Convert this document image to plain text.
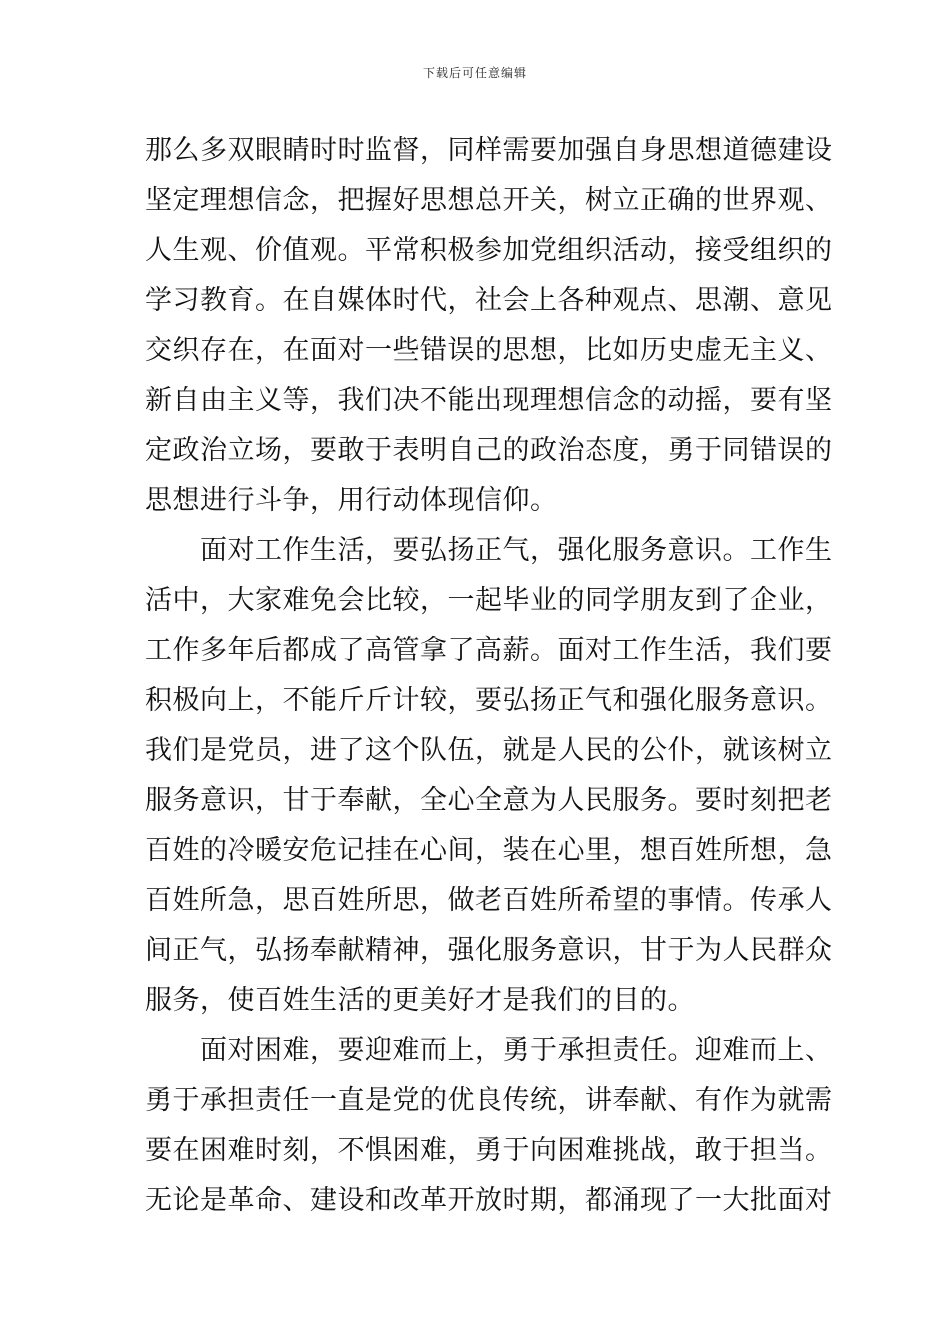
下载后可任意编辑
那么多双眼睛时时监督，同样需要加强自身思想道德建设
坚定理想信念，把握好思想总开关，树立正确的世界观、
人生观、价值观。平常积极参加党组织活动，接受组织的
学习教育。在自媒体时代，社会上各种观点、思潮、意见
交织存在，在面对一些错误的思想，比如历史虚无主义、
新自由主义等，我们决不能出现理想信念的动摇，要有坚
定政治立场，要敢于表明自己的政治态度，勇于同错误的
思想进行斗争，用行动体现信仰。
　　面对工作生活，要弘扬正气，强化服务意识。工作生
活中，大家难免会比较，一起毕业的同学朋友到了企业，
工作多年后都成了高管拿了高薪。面对工作生活，我们要
积极向上，不能斤斤计较，要弘扬正气和强化服务意识。
我们是党员，进了这个队伍，就是人民的公仆，就该树立
服务意识，甘于奉献，全心全意为人民服务。要时刻把老
百姓的冷暖安危记挂在心间，装在心里，想百姓所想，急
百姓所急，思百姓所思，做老百姓所希望的事情。传承人
间正气，弘扬奉献精神，强化服务意识，甘于为人民群众
服务，使百姓生活的更美好才是我们的目的。
　　面对困难，要迎难而上，勇于承担责任。迎难而上、
勇于承担责任一直是党的优良传统，讲奉献、有作为就需
要在困难时刻，不惧困难，勇于向困难挑战，敢于担当。
无论是革命、建设和改革开放时期，都涌现了一大批面对
